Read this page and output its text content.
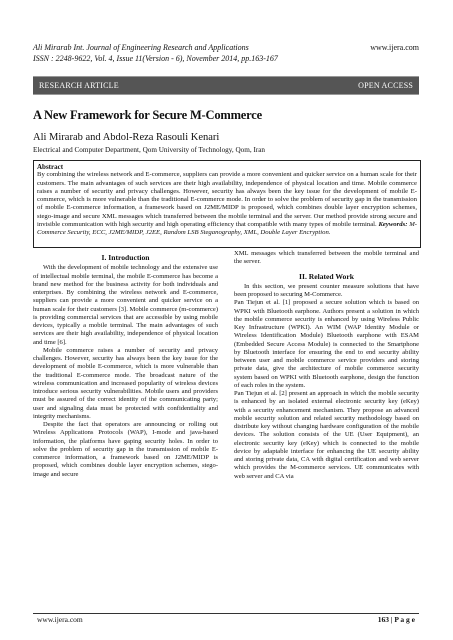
Ali Mirarab Int. Journal of Engineering Research and Applications
ISSN : 2248-9622, Vol. 4, Issue 11(Version - 6), November 2014, pp.163-167
www.ijera.com
RESEARCH ARTICLE	OPEN ACCESS
A New Framework for Secure M-Commerce
Ali Mirarab and Abdol-Reza Rasouli Kenari
Electrical and Computer Department, Qom University of Technology, Qom, Iran
Abstract
By combining the wireless network and E-commerce, suppliers can provide a more convenient and quicker service on a human scale for their customers. The main advantages of such services are their high availability, independence of physical location and time. Mobile commerce raises a number of security and privacy challenges. However, security has always been the key issue for the development of mobile E-commerce, which is more vulnerable than the traditional E-commerce mode. In order to solve the problem of security gap in the transmission of mobile E-commerce information, a framework based on J2ME/MIDP is proposed, which combines double layer encryption schemes, stego-image and secure XML messages which transferred between the mobile terminal and the server. Our method provide strong secure and invisible communication with high security and high operating efficiency that compatible with many types of mobile terminal. Keywords: M-Commerce Security, ECC, J2ME/MIDP, J2EE, Random LSB Steganography, XML, Double Layer Encryption.
I. Introduction

With the development of mobile technology and the extensive use of intellectual mobile terminal, the mobile E-commerce has become a brand new method for the business activity for both individuals and enterprises. By combining the wireless network and E-commerce, suppliers can provide a more convenient and quicker service on a human scale for their customers [3]. Mobile commerce (m-commerce) is providing commercial services that are accessible by using mobile devices, typically a mobile terminal. The main advantages of such services are their high availability, independence of physical location and time [6].

Mobile commerce raises a number of security and privacy challenges. However, security has always been the key issue for the development of mobile E-commerce, which is more vulnerable than the traditional E-commerce mode. The broadcast nature of the wireless communication and increased popularity of wireless devices introduce serious security vulnerabilities. Mobile users and providers must be assured of the correct identity of the communicating party; user and signaling data must be protected with confidentiality and integrity mechanisms.

Despite the fact that operators are announcing or rolling out Wireless Applications Protocols (WAP), I-mode and java-based information, the platforms have gaping security holes. In order to solve the problem of security gap in the transmission of mobile E-commerce information, a framework based on J2ME/MIDP is proposed, which combines double layer encryption schemes, stego-image and secure

XML messages which transferred between the mobile terminal and the server.

II. Related Work

In this section, we present counter measure solutions that have been proposed to securing M-Commerce.

Pan Tiejun et al. [1] proposed a secure solution which is based on WPKI with Bluetooth earphone. Authors present a solution in which the mobile commerce security is enhanced by using Wireless Public Key Infrastructure (WPKI). An WIM (WAP Identity Module or Wireless Identification Module) Bluetooth earphone with ESAM (Embedded Secure Access Module) is connected to the Smartphone by Bluetooth interface for ensuring the end to end security ability between user and mobile commerce service providers and storing private data, give the architecture of mobile commerce security system based on WPKI with Bluetooth earphone, design the function of each roles in the system.

Pan Tiejun et al. [2] present an approach in which the mobile security is enhanced by an isolated external electronic security key (eKey) with a security enhancement mechanism. They propose an advanced mobile security solution and related security methodology based on distribute key without changing hardware configuration of the mobile devices. The solution consists of the UE (User Equipment), an electronic security key (eKey) which is connected to the mobile device by adaptable interface for enhancing the UE security ability and storing private data, CA with digital certification and web server which provides the M-commerce services. UE communicates with web server and CA via

www.ijera.com	163 | P a g e
